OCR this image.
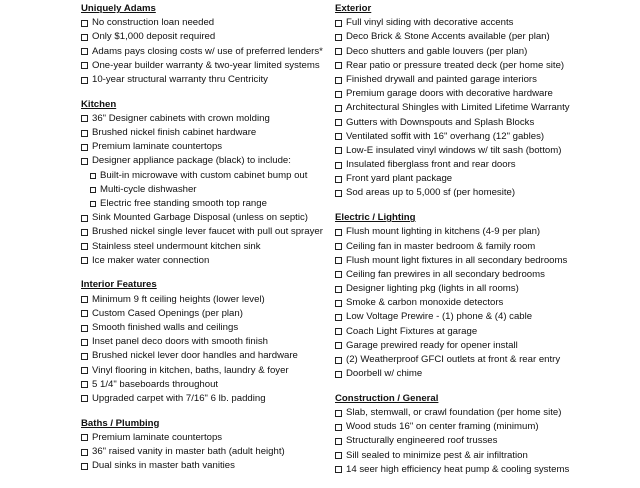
Uniquely Adams
No construction loan needed
Only $1,000 deposit required
Adams pays closing costs w/ use of preferred lenders*
One-year builder warranty & two-year limited systems
10-year structural warranty thru Centricity
Kitchen
36" Designer cabinets with crown molding
Brushed nickel finish cabinet hardware
Premium laminate countertops
Designer appliance package (black) to include:
Built-in microwave with custom cabinet bump out
Multi-cycle dishwasher
Electric free standing smooth top range
Sink Mounted Garbage Disposal (unless on septic)
Brushed nickel single lever faucet with pull out sprayer
Stainless steel undermount kitchen sink
Ice maker water connection
Interior Features
Minimum 9 ft ceiling heights (lower level)
Custom Cased Openings (per plan)
Smooth finished walls and ceilings
Inset panel deco doors with smooth finish
Brushed nickel lever door handles and hardware
Vinyl flooring in kitchen, baths, laundry & foyer
5 1/4" baseboards throughout
Upgraded carpet with 7/16" 6 lb. padding
Baths / Plumbing
Premium laminate countertops
36" raised vanity in master bath (adult height)
Dual sinks in master bath vanities
Exterior
Full vinyl siding with decorative accents
Deco Brick & Stone Accents available (per plan)
Deco shutters and gable louvers (per plan)
Rear patio or pressure treated deck (per home site)
Finished drywall and painted garage interiors
Premium garage doors with decorative hardware
Architectural Shingles with Limited Lifetime Warranty
Gutters with Downspouts and Splash Blocks
Ventilated soffit with 16" overhang (12" gables)
Low-E insulated vinyl windows w/ tilt sash (bottom)
Insulated fiberglass front and rear doors
Front yard plant package
Sod areas up to 5,000 sf (per homesite)
Electric / Lighting
Flush mount lighting in kitchens (4-9 per plan)
Ceiling fan in master bedroom & family room
Flush mount light fixtures in all secondary bedrooms
Ceiling fan prewires in all secondary bedrooms
Designer lighting pkg (lights in all rooms)
Smoke & carbon monoxide detectors
Low Voltage Prewire - (1) phone & (4) cable
Coach Light Fixtures at garage
Garage prewired ready for opener install
(2) Weatherproof GFCI outlets at front & rear entry
Doorbell w/ chime
Construction / General
Slab, stemwall, or crawl foundation (per home site)
Wood studs 16" on center framing (minimum)
Structurally engineered roof trusses
Sill sealed to minimize pest & air infiltration
14 seer high efficiency heat pump & cooling systems
